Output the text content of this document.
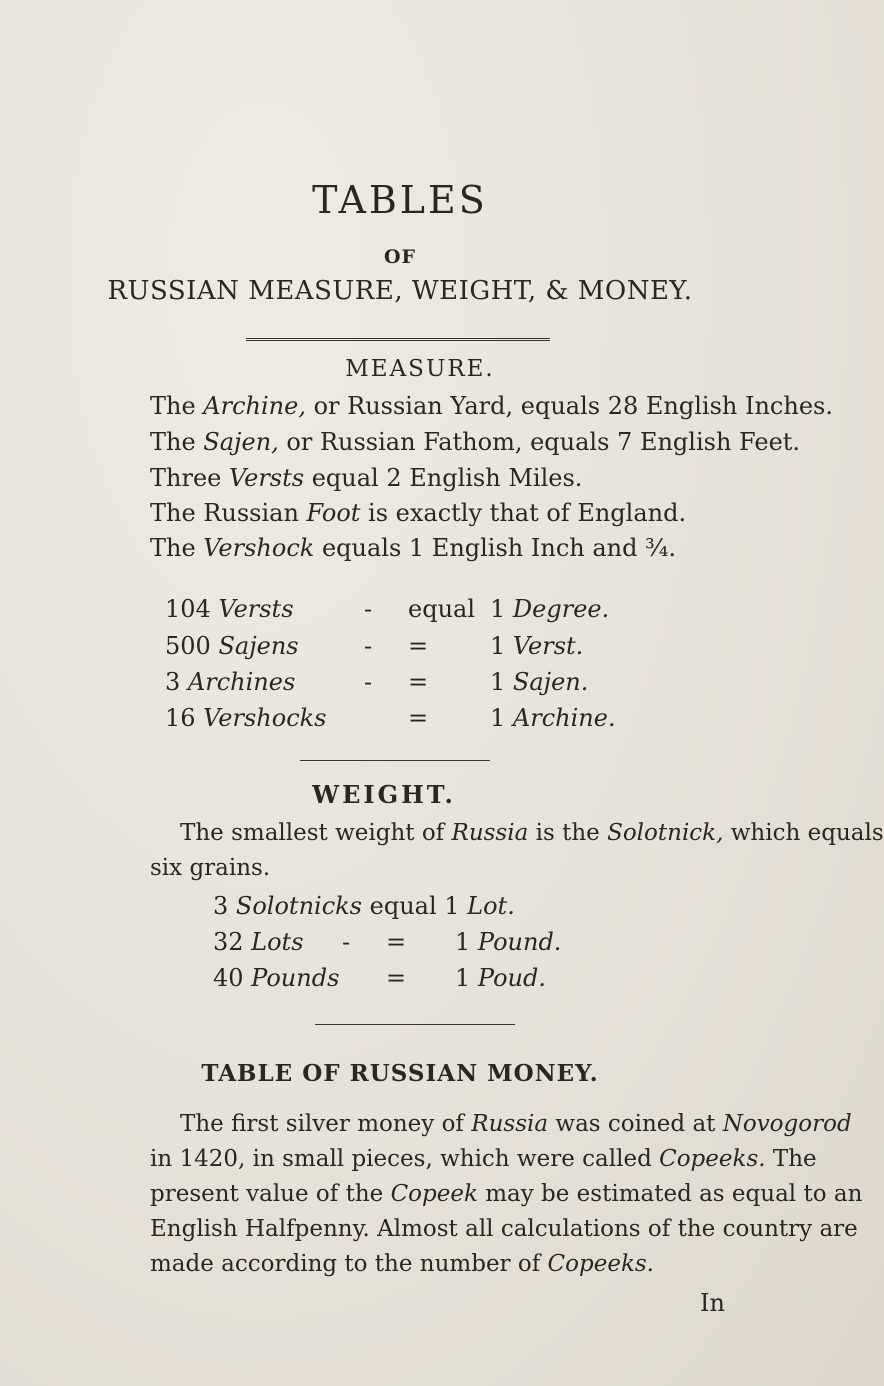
TABLES
OF
RUSSIAN MEASURE, WEIGHT, & MONEY.
MEASURE.
The Archine, or Russian Yard, equals 28 English Inches.
The Sajen, or Russian Fathom, equals 7 English Feet.
Three Versts equal 2 English Miles.
The Russian Foot is exactly that of England.
The Vershock equals 1 English Inch and ¾.
104 Versts	- equal 1 Degree.
500 Sajens	- =	1 Verst.
3 Archines	- =	1 Sajen.
16 Vershocks	=	1 Archine.
WEIGHT.
The smallest weight of Russia is the Solotnick, which equals
six grains.
3 Solotnicks equal 1 Lot.
32 Lots - = 1 Pound.
40 Pounds = 1 Poud.
TABLE OF RUSSIAN MONEY.
The first silver money of Russia was coined at Novogorod
in 1420, in small pieces, which were called Copeeks. The
present value of the Copeek may be estimated as equal to an
English Halfpenny. Almost all calculations of the country are
made according to the number of Copeeks.
In
